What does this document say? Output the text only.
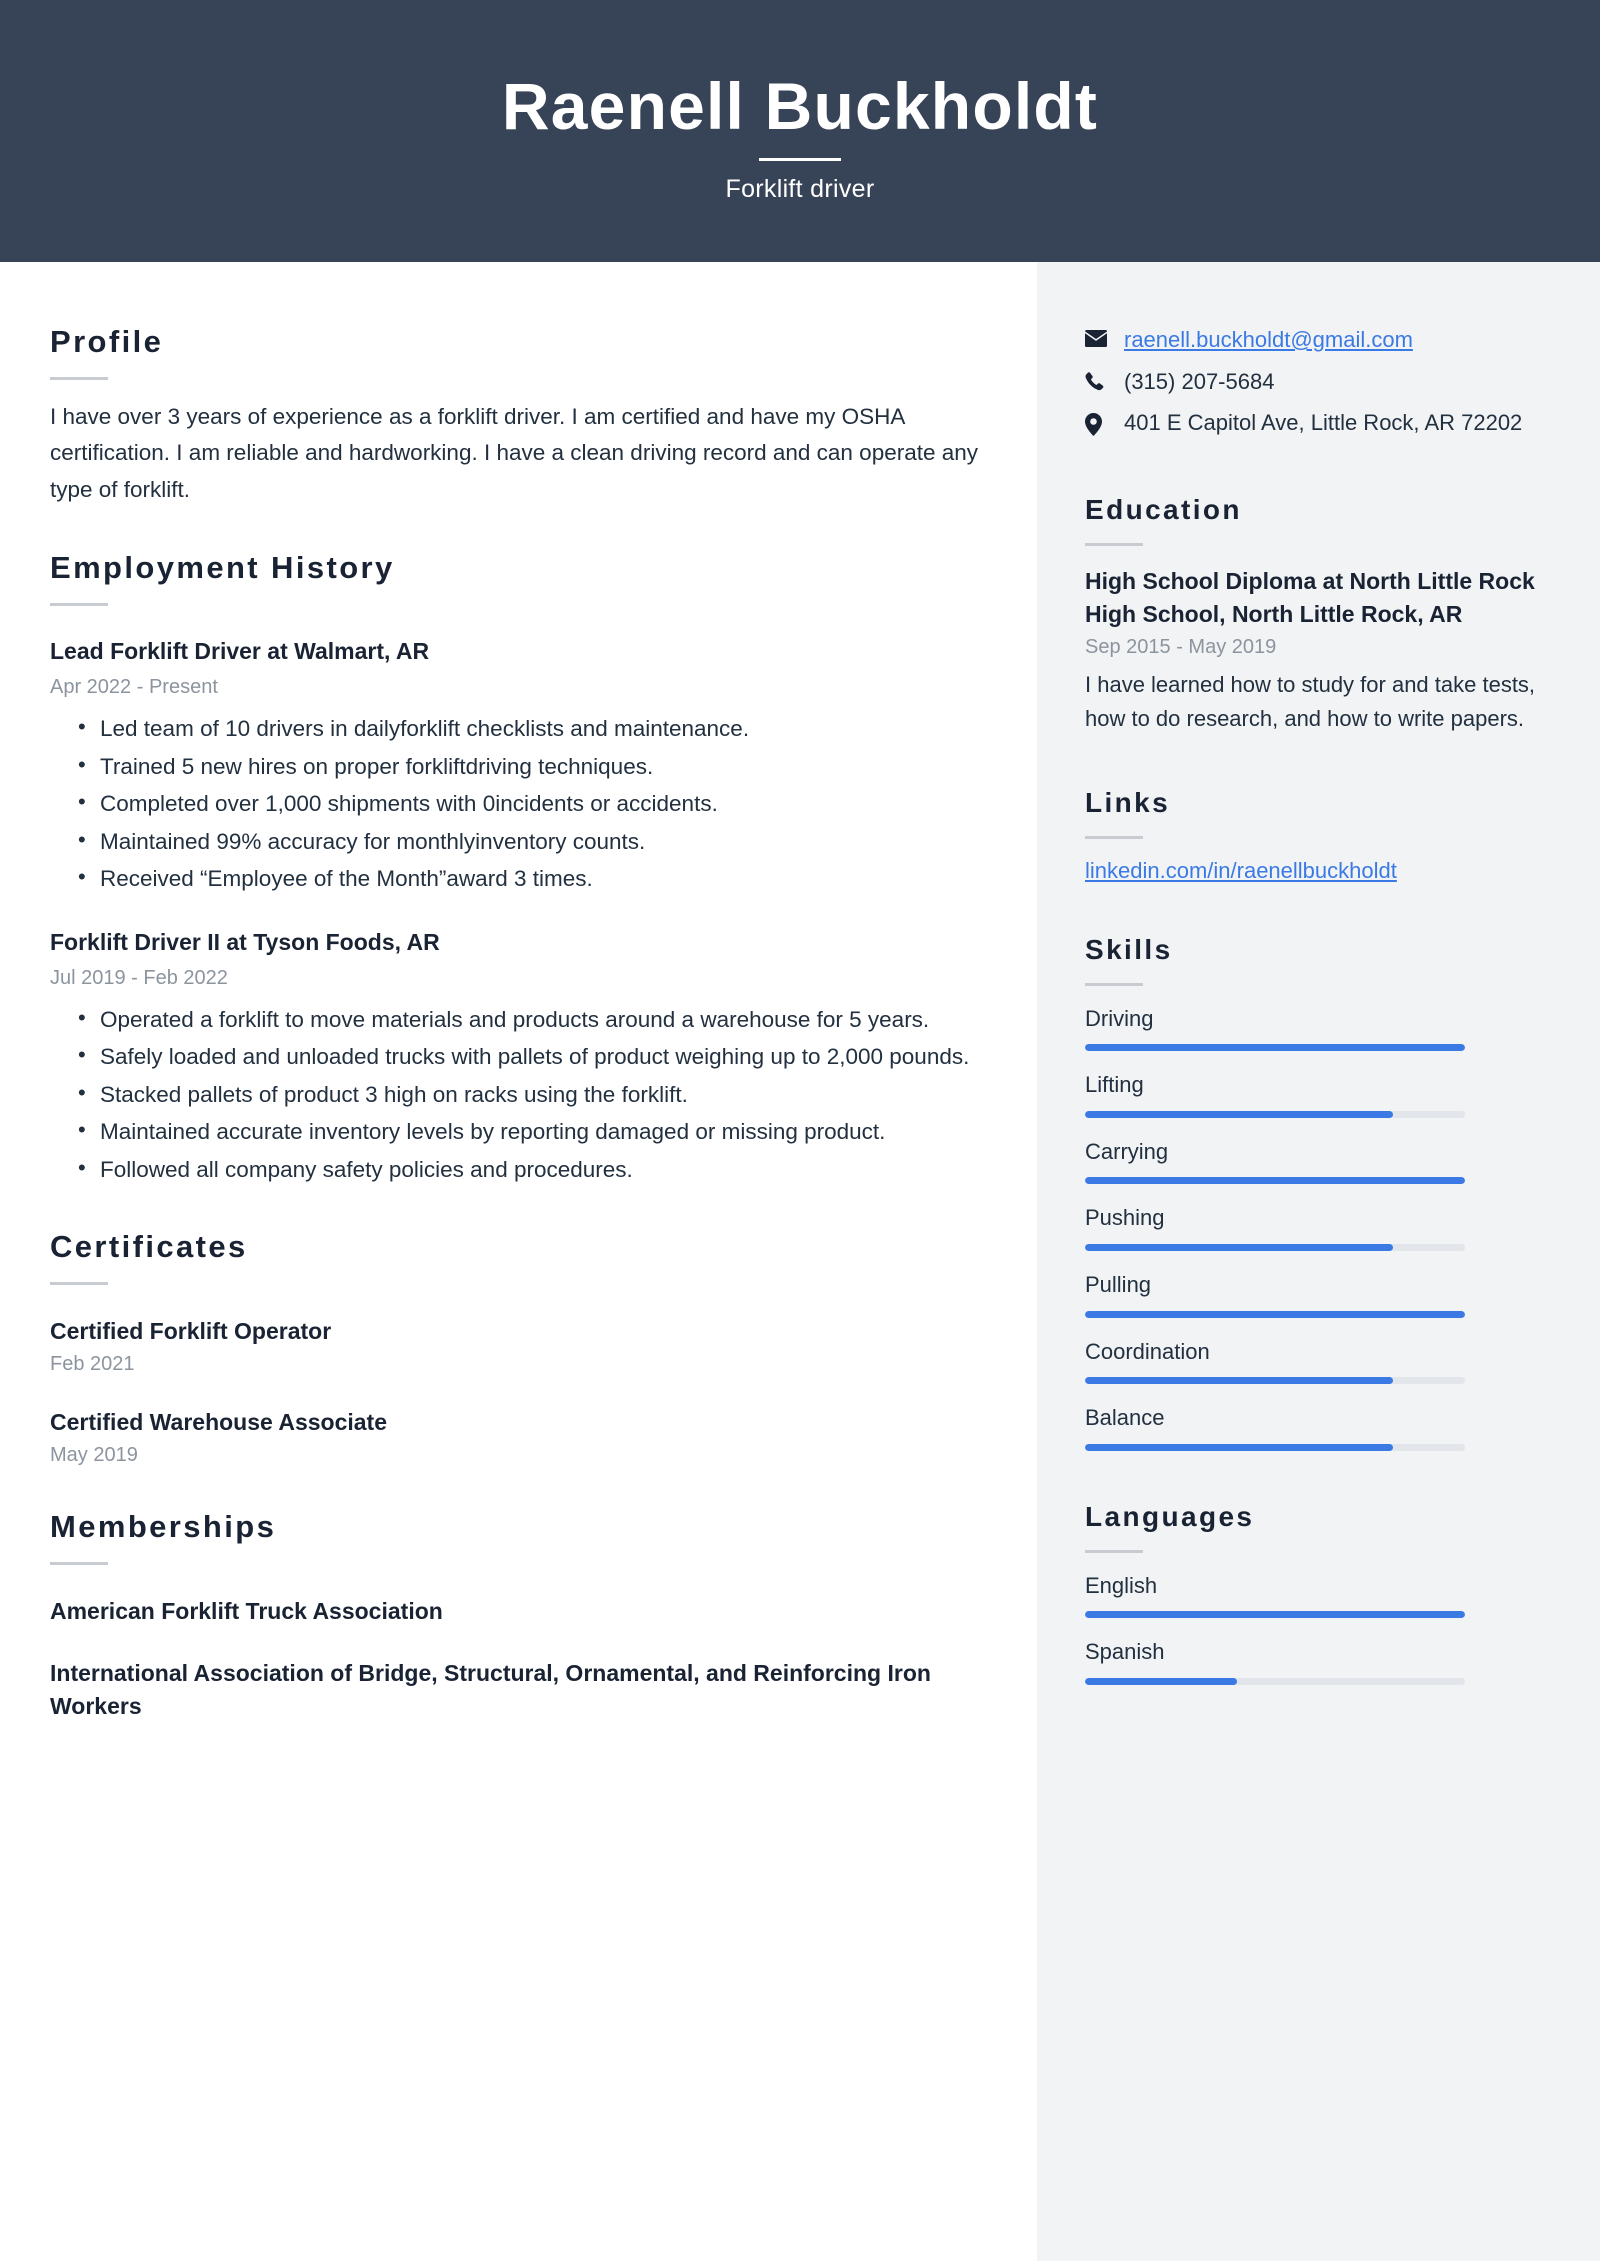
Raenell Buckholdt
Forklift driver
Profile
I have over 3 years of experience as a forklift driver. I am certified and have my OSHA certification. I am reliable and hardworking. I have a clean driving record and can operate any type of forklift.
Employment History
Lead Forklift Driver at Walmart, AR
Apr 2022 - Present
• Led team of 10 drivers in dailyforklift checklists and maintenance.
• Trained 5 new hires on proper forkliftdriving techniques.
• Completed over 1,000 shipments with 0incidents or accidents.
• Maintained 99% accuracy for monthlyinventory counts.
• Received “Employee of the Month”award 3 times.
Forklift Driver II at Tyson Foods, AR
Jul 2019 - Feb 2022
• Operated a forklift to move materials and products around a warehouse for 5 years.
• Safely loaded and unloaded trucks with pallets of product weighing up to 2,000 pounds.
• Stacked pallets of product 3 high on racks using the forklift.
• Maintained accurate inventory levels by reporting damaged or missing product.
• Followed all company safety policies and procedures.
Certificates
Certified Forklift Operator
Feb 2021
Certified Warehouse Associate
May 2019
Memberships
American Forklift Truck Association
International Association of Bridge, Structural, Ornamental, and Reinforcing Iron Workers
raenell.buckholdt@gmail.com
(315) 207-5684
401 E Capitol Ave, Little Rock, AR 72202
Education
High School Diploma at North Little Rock High School, North Little Rock, AR
Sep 2015 - May 2019
I have learned how to study for and take tests, how to do research, and how to write papers.
Links
linkedin.com/in/raenellbuckholdt
Skills
Driving
Lifting
Carrying
Pushing
Pulling
Coordination
Balance
Languages
English
Spanish
